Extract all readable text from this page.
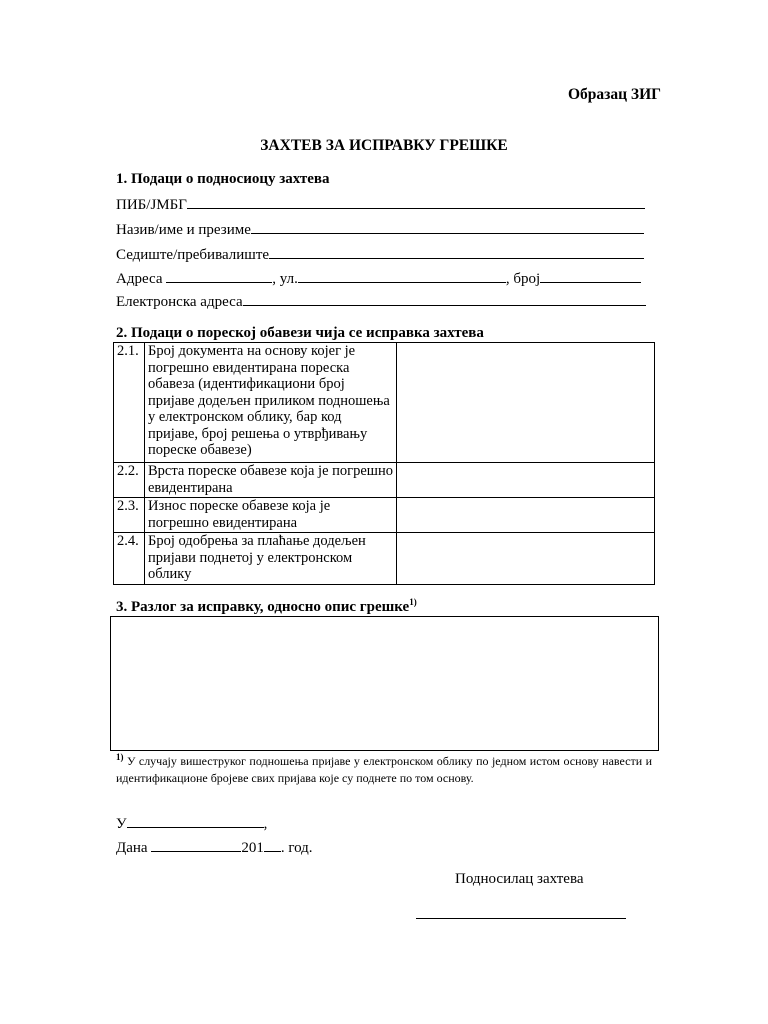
Образац ЗИГ
ЗАХТЕВ ЗА ИСПРАВКУ ГРЕШКЕ
1. Подаци о подносиоцу захтева
ПИБ/ЈМБГ
Назив/име и презиме
Седиште/пребивалиште
Адреса	, ул.	, број
Електронска адреса
2. Подаци о пореској обавези чија се исправка захтева
2.1.	Број документа на основу којег је погрешно евидентирана пореска обавеза (идентификациони број пријаве додељен приликом подношења у електронском облику, бар код пријаве, број решења о утврђивању пореске обавезе)	
2.2.	Врста пореске обавезе која је погрешно евидентирана	
2.3.	Износ пореске обавезе која је погрешно евидентирана	
2.4.	Број одобрења за плаћање додељен пријави поднетој у електронском облику	
3. Разлог за исправку, односно опис грешке$^{1)}$
$^{1)}$ У случају вишеструког подношења пријаве у електронском облику по једном истом основу навести и идентификационе бројеве свих пријава које су поднете по том основу.
У	,
Дана	201 . год.
Подносилац захтева
